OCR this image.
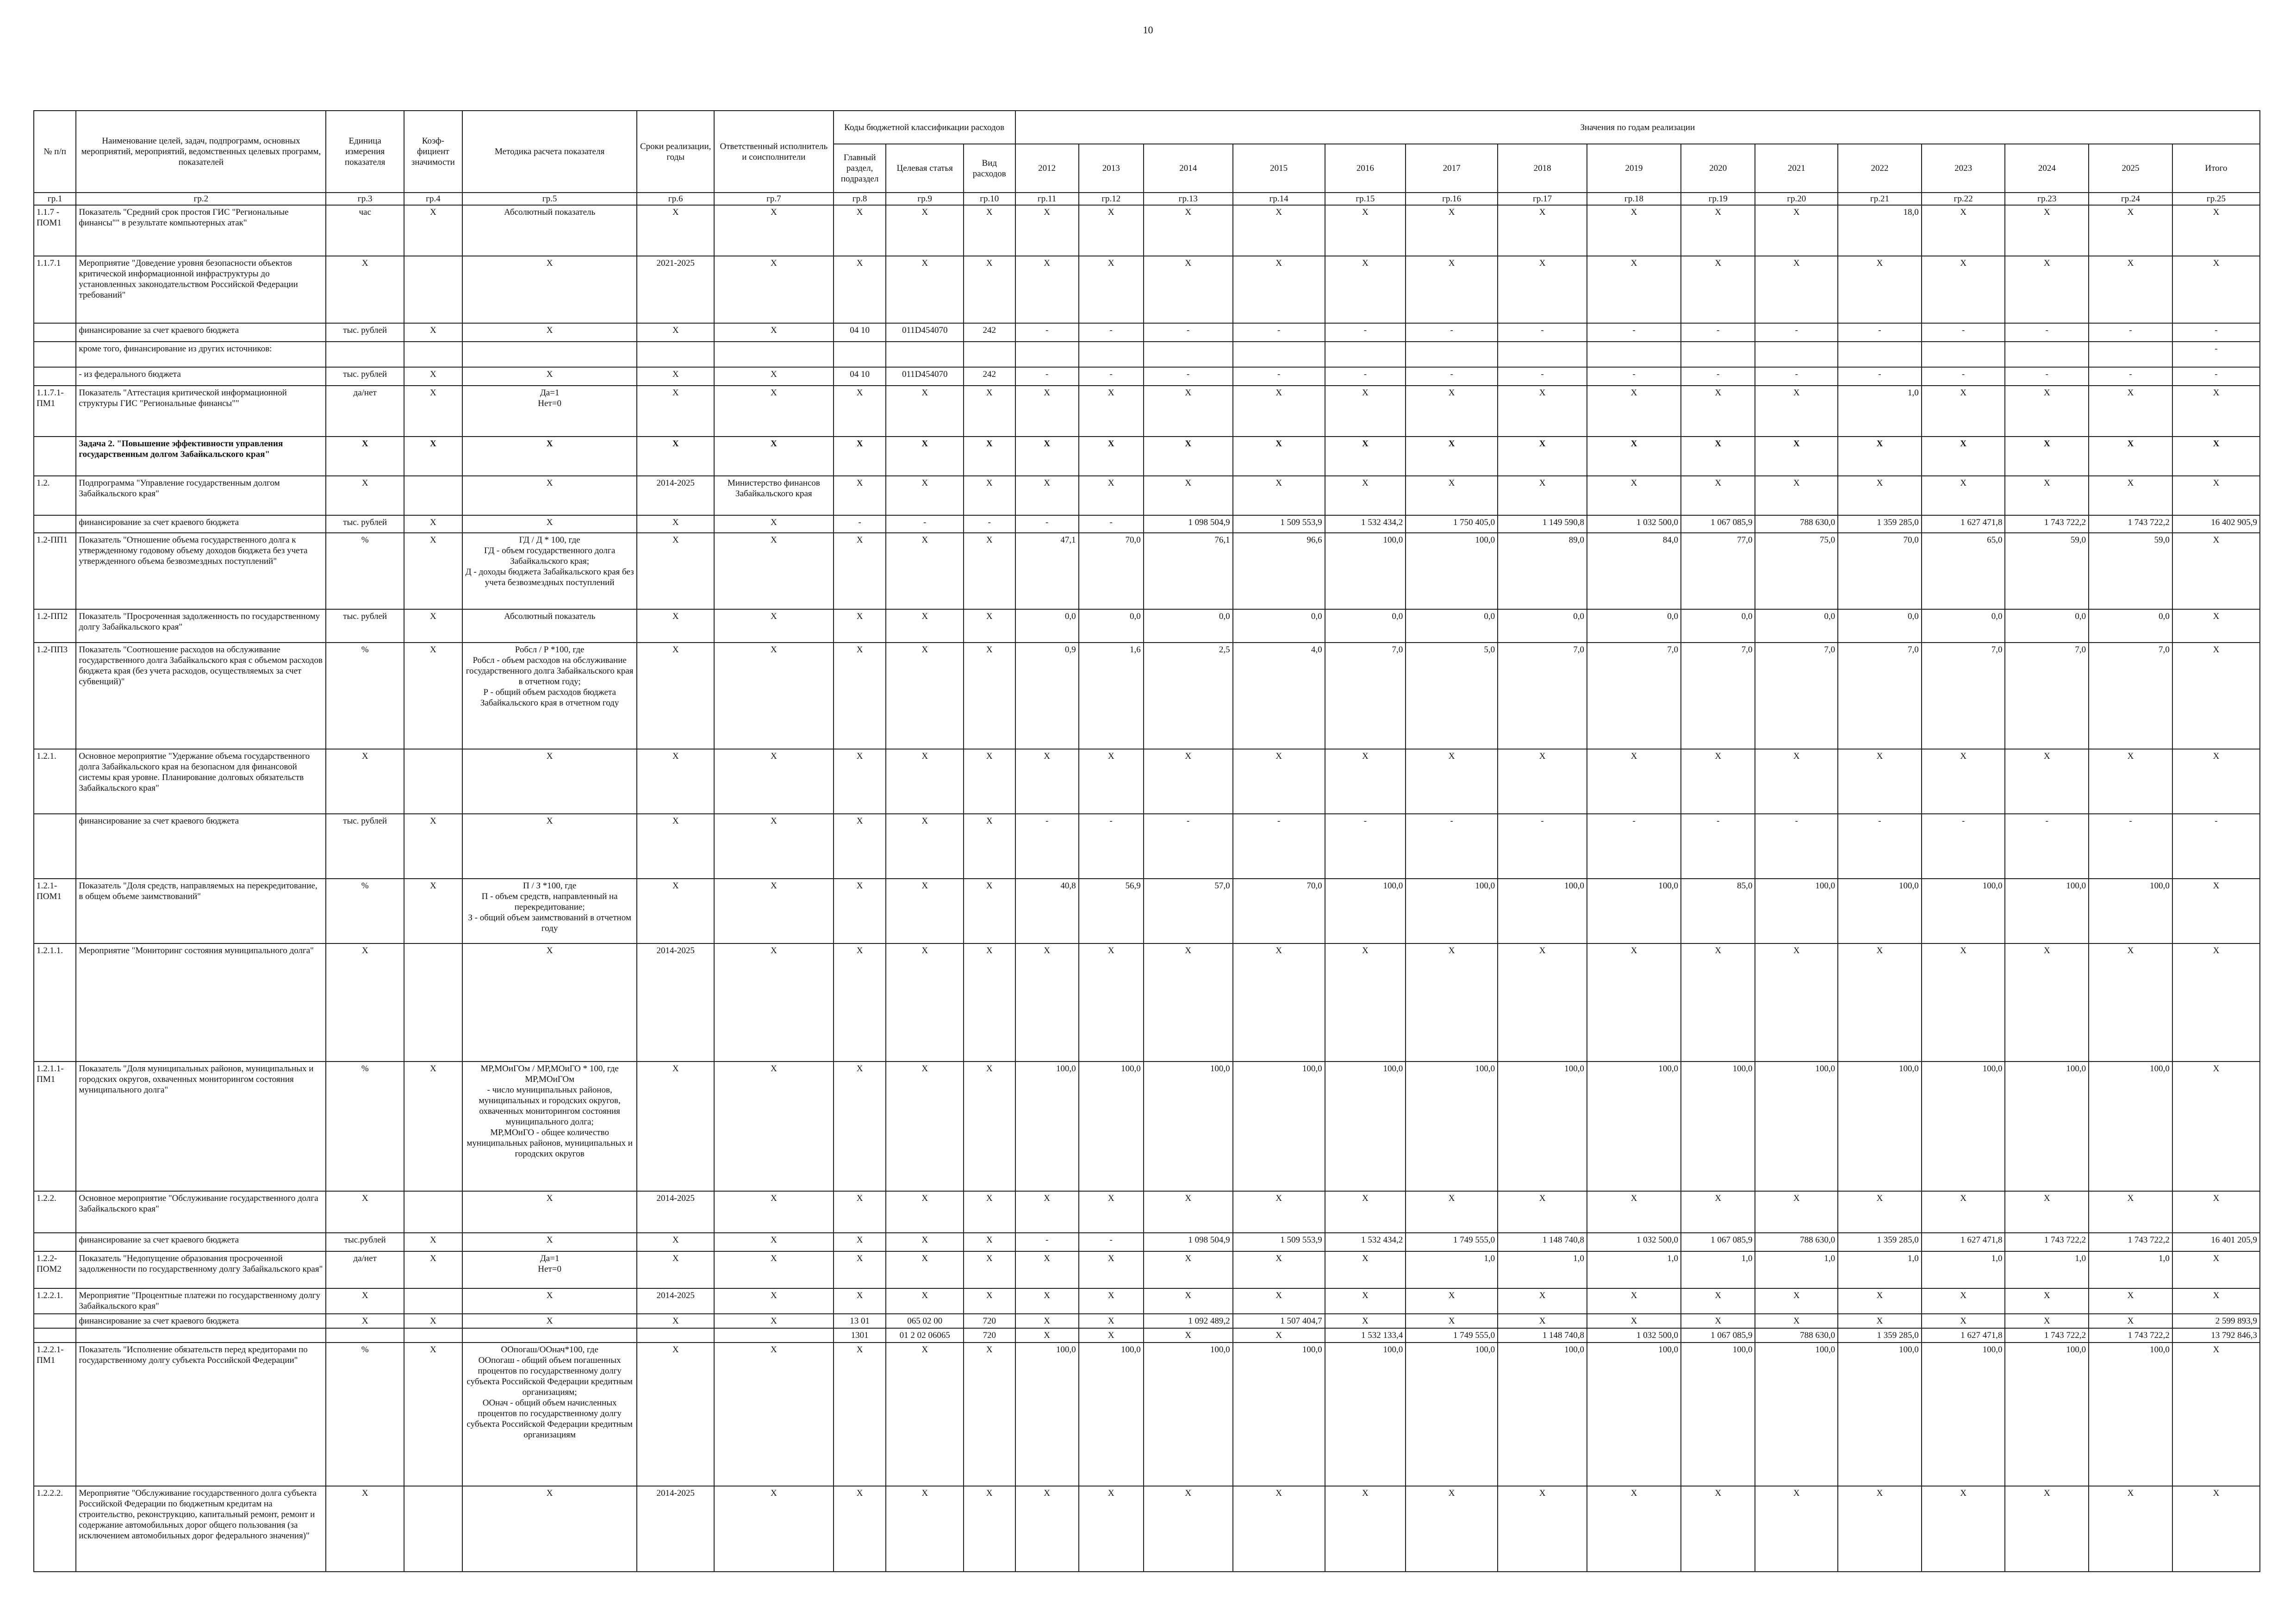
10
№ п/п	Наименование целей, задач, подпрограмм, основных мероприятий, мероприятий, ведомственных целевых программ, показателей	Единица измерения показателя	Коэф-фициент значимости	Методика расчета показателя	Сроки реализации, годы	Ответственный исполнитель и соисполнители	Коды бюджетной классификации расходов			Значения по годам реализации														
							Главный раздел, подраздел	Целевая статья	Вид расходов	2012	2013	2014	2015	2016	2017	2018	2019	2020	2021	2022	2023	2024	2025	Итого
гр.1	гр.2	гр.3	гр.4	гр.5	гр.6	гр.7	гр.8	гр.9	гр.10	гр.11	гр.12	гр.13	гр.14	гр.15	гр.16	гр.17	гр.18	гр.19	гр.20	гр.21	гр.22	гр.23	гр.24	гр.25
1.1.7 - ПОМ1	Показатель "Средний срок простоя ГИС "Региональные финансы"" в результате компьютерных атак"	час	Х	Абсолютный показатель	Х	Х	Х	Х	Х	Х	Х	Х	Х	Х	Х	Х	Х	Х	Х	18,0	Х	Х	Х	Х
1.1.7.1	Мероприятие "Доведение уровня безопасности объектов критической информационной инфраструктуры до установленных законодательством Российской Федерации требований"	Х		Х	2021-2025	Х	Х	Х	Х	Х	Х	Х	Х	Х	Х	Х	Х	Х	Х	Х	Х	Х	Х	Х
	финансирование за счет краевого бюджета	тыс. рублей	Х	Х	Х	Х	04 10	011D454070	242	-	-	-	-	-	-	-	-	-	-	-	-	-	-	-
	кроме того, финансирование из других источников:																							-
	- из федерального бюджета	тыс. рублей	Х	Х	Х	Х	04 10	011D454070	242	-	-	-	-	-	-	-	-	-	-	-	-	-	-	-
1.1.7.1- ПМ1	Показатель "Аттестация критической информационной структуры ГИС "Региональные финансы""	да/нет	Х	Да=1
Нет=0	Х	Х	Х	Х	Х	Х	Х	Х	Х	Х	Х	Х	Х	Х	Х	1,0	Х	Х	Х	Х
	Задача 2. "Повышение эффективности управления государственным долгом Забайкальского края"	Х	Х	Х	Х	Х	Х	Х	Х	Х	Х	Х	Х	Х	Х	Х	Х	Х	Х	Х	Х	Х	Х	Х
1.2.	Подпрограмма "Управление государственным долгом Забайкальского края"	Х		Х	2014-2025	Министерство финансов Забайкальского края	Х	Х	Х	Х	Х	Х	Х	Х	Х	Х	Х	Х	Х	Х	Х	Х	Х	Х
	финансирование за счет краевого бюджета	тыс. рублей	Х	Х	Х	Х	-	-	-	-	-	1 098 504,9	1 509 553,9	1 532 434,2	1 750 405,0	1 149 590,8	1 032 500,0	1 067 085,9	788 630,0	1 359 285,0	1 627 471,8	1 743 722,2	1 743 722,2	16 402 905,9
1.2-ПП1	Показатель "Отношение объема государственного долга к утвержденному годовому объему доходов бюджета без учета утвержденного объема безвозмездных поступлений"	%	Х	ГД / Д * 100, где
ГД - объем государственного долга Забайкальского края;
Д - доходы бюджета Забайкальского края без учета безвозмездных поступлений	Х	Х	Х	Х	Х	47,1	70,0	76,1	96,6	100,0	100,0	89,0	84,0	77,0	75,0	70,0	65,0	59,0	59,0	Х
1.2-ПП2	Показатель "Просроченная задолженность по государственному долгу Забайкальского края"	тыс. рублей	Х	Абсолютный показатель	Х	Х	Х	Х	Х	0,0	0,0	0,0	0,0	0,0	0,0	0,0	0,0	0,0	0,0	0,0	0,0	0,0	0,0	Х
1.2-ПП3	Показатель "Соотношение расходов на обслуживание государственного долга Забайкальского края с объемом расходов бюджета края (без учета расходов, осуществляемых за счет субвенций)"	%	Х	Робсл / Р *100, где
Робсл - объем расходов на обслуживание государственного долга Забайкальского края в отчетном году;
Р - общий объем расходов бюджета Забайкальского края в отчетном году	Х	Х	Х	Х	Х	0,9	1,6	2,5	4,0	7,0	5,0	7,0	7,0	7,0	7,0	7,0	7,0	7,0	7,0	Х
1.2.1.	Основное мероприятие "Удержание объема государственного долга Забайкальского края на безопасном для финансовой системы края уровне. Планирование долговых обязательств Забайкальского края"	Х		Х	Х	Х	Х	Х	Х	Х	Х	Х	Х	Х	Х	Х	Х	Х	Х	Х	Х	Х	Х	Х
	финансирование за счет краевого бюджета	тыс. рублей	Х	Х	Х	Х	Х	Х	Х	-	-	-	-	-	-	-	-	-	-	-	-	-	-	-
1.2.1- ПОМ1	Показатель "Доля средств, направляемых на перекредитование, в общем объеме заимствований"	%	Х	П / З *100, где
П - объем средств, направленный на перекредитование;
З - общий объем заимствований в отчетном году	Х	Х	Х	Х	Х	40,8	56,9	57,0	70,0	100,0	100,0	100,0	100,0	85,0	100,0	100,0	100,0	100,0	100,0	Х
1.2.1.1.	Мероприятие "Мониторинг состояния муниципального долга"	Х		Х	2014-2025	Х	Х	Х	Х	Х	Х	Х	Х	Х	Х	Х	Х	Х	Х	Х	Х	Х	Х	Х
1.2.1.1- ПМ1	Показатель "Доля муниципальных районов, муниципальных и городских округов, охваченных мониторингом состояния муниципального долга"	%	Х	МР,МОиГОм / МР,МОиГО * 100, где
МР,МОиГОм
- число муниципальных районов, муниципальных и городских округов, охваченных мониторингом состояния муниципального долга;
МР,МОиГО - общее количество муниципальных районов, муниципальных и городских округов	Х	Х	Х	Х	Х	100,0	100,0	100,0	100,0	100,0	100,0	100,0	100,0	100,0	100,0	100,0	100,0	100,0	100,0	Х
1.2.2.	Основное мероприятие "Обслуживание государственного долга Забайкальского края"	Х		Х	2014-2025	Х	Х	Х	Х	Х	Х	Х	Х	Х	Х	Х	Х	Х	Х	Х	Х	Х	Х	Х
	финансирование за счет краевого бюджета	тыс.рублей	Х	Х	Х	Х	Х	Х	Х	-	-	1 098 504,9	1 509 553,9	1 532 434,2	1 749 555,0	1 148 740,8	1 032 500,0	1 067 085,9	788 630,0	1 359 285,0	1 627 471,8	1 743 722,2	1 743 722,2	16 401 205,9
1.2.2- ПОМ2	Показатель "Недопущение образования просроченной задолженности по государственному долгу Забайкальского края"	да/нет	Х	Да=1
Нет=0	Х	Х	Х	Х	Х	Х	Х	Х	Х	Х	1,0	1,0	1,0	1,0	1,0	1,0	1,0	1,0	1,0	Х
1.2.2.1.	Мероприятие "Процентные платежи по государственному долгу Забайкальского края"	Х		Х	2014-2025	Х	Х	Х	Х	Х	Х	Х	Х	Х	Х	Х	Х	Х	Х	Х	Х	Х	Х	Х
	финансирование за счет краевого бюджета	Х	Х	Х	Х	Х	13 01	065 02 00	720	Х	Х	1 092 489,2	1 507 404,7	Х	Х	Х	Х	Х	Х	Х	Х	Х	Х	2 599 893,9
							1301	01 2 02 06065	720	Х	Х	Х	Х	1 532 133,4	1 749 555,0	1 148 740,8	1 032 500,0	1 067 085,9	788 630,0	1 359 285,0	1 627 471,8	1 743 722,2	1 743 722,2	13 792 846,3
1.2.2.1- ПМ1	Показатель "Исполнение обязательств перед кредиторами по государственному долгу субъекта Российской Федерации"	%	Х	ООпогаш/ООнач*100, где
ООпогаш - общий объем погашенных процентов по государственному долгу субъекта Российской Федерации кредитным организациям;
ООнач - общий объем начисленных процентов по государственному долгу субъекта Российской Федерации кредитным организациям	Х	Х	Х	Х	Х	100,0	100,0	100,0	100,0	100,0	100,0	100,0	100,0	100,0	100,0	100,0	100,0	100,0	100,0	Х
1.2.2.2.	Мероприятие "Обслуживание государственного долга субъекта Российской Федерации по бюджетным кредитам на строительство, реконструкцию, капитальный ремонт, ремонт и содержание автомобильных дорог общего пользования (за исключением автомобильных дорог федерального значения)"	Х		Х	2014-2025	Х	Х	Х	Х	Х	Х	Х	Х	Х	Х	Х	Х	Х	Х	Х	Х	Х	Х	Х
